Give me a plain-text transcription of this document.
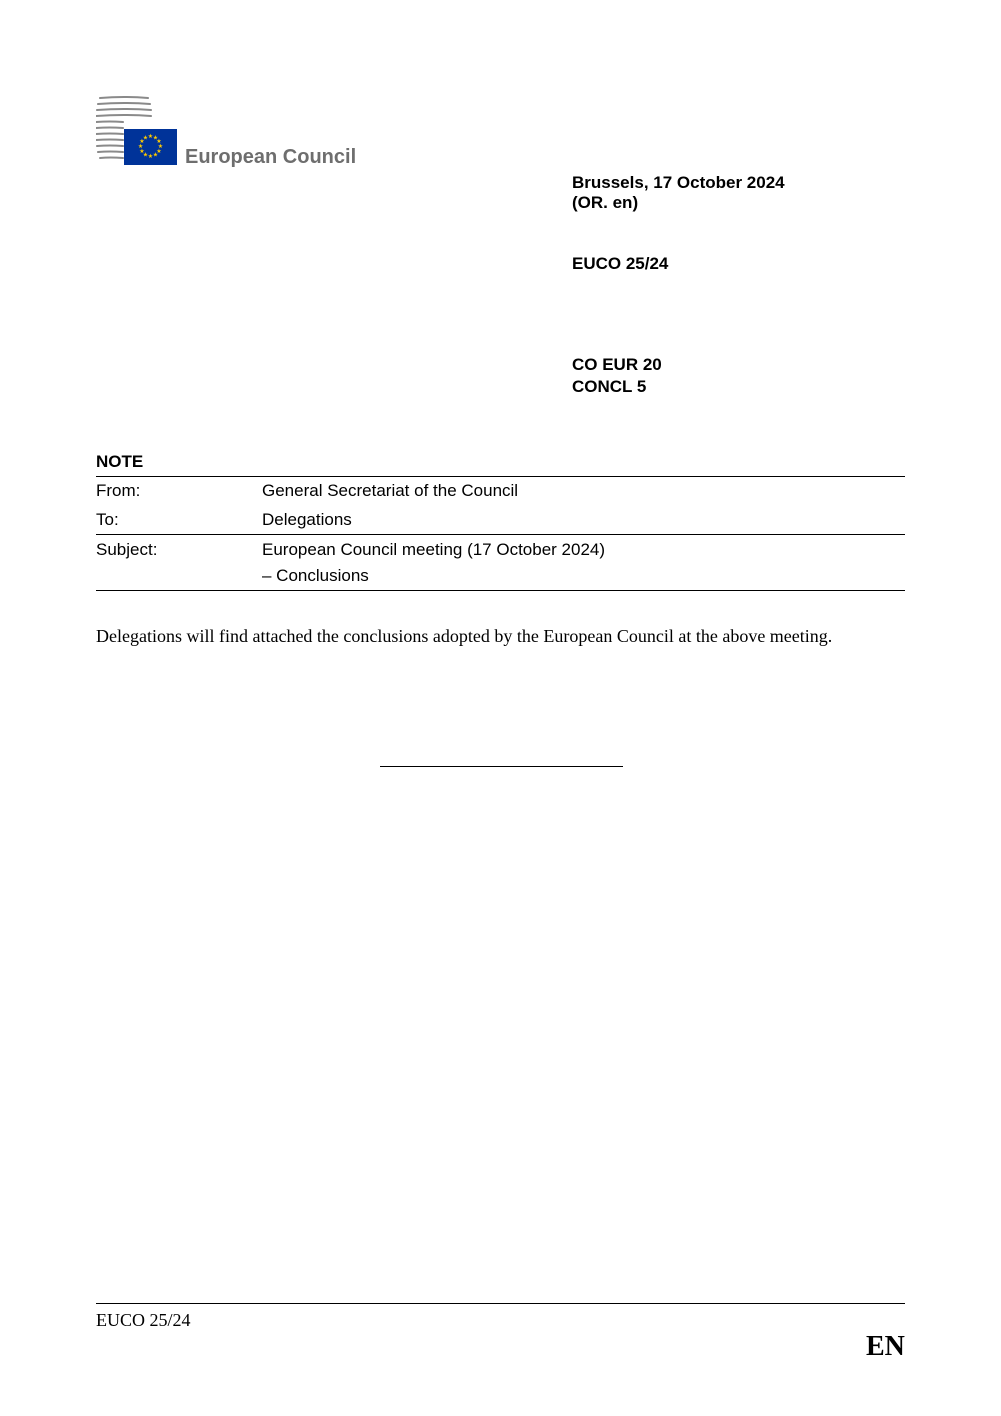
★ ★
★
★
★
★
★
★
★
★
★
★
European Council
Brussels, 17 October 2024
(OR. en)
EUCO 25/24
CO EUR 20
CONCL 5
NOTE
From:	General Secretariat of the Council
To:	Delegations
Subject:	European Council meeting (17 October 2024)
– Conclusions
Delegations will find attached the conclusions adopted by the European Council at the above meeting.
EUCO 25/24
EN
